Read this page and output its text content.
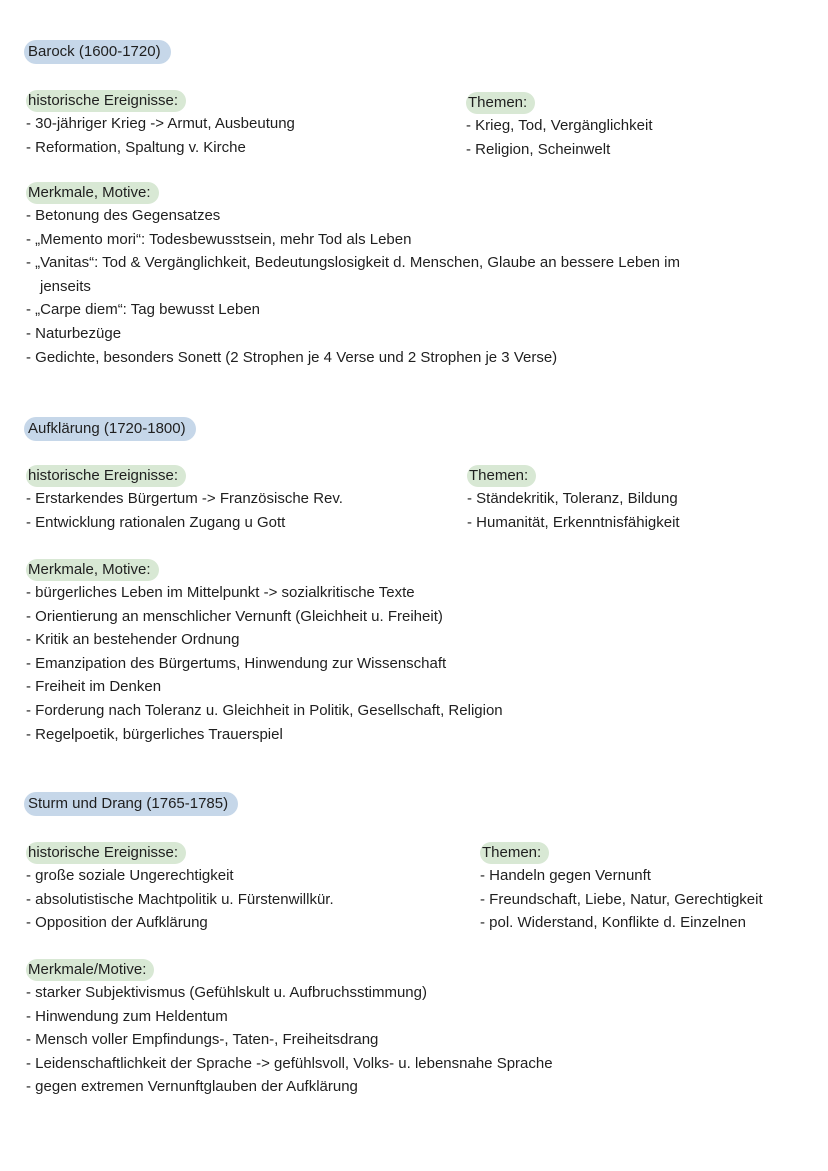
Barock (1600-1720)
historische Ereignisse:
- 30-jähriger Krieg -> Armut, Ausbeutung
- Reformation, Spaltung v. Kirche
Themen:
- Krieg, Tod, Vergänglichkeit
- Religion, Scheinwelt
Merkmale, Motive:
- Betonung des Gegensatzes
- „Memento mori“: Todesbewusstsein, mehr Tod als Leben
- „Vanitas“: Tod & Vergänglichkeit, Bedeutungslosigkeit d. Menschen, Glaube an bessere Leben im jenseits
- „Carpe diem“: Tag bewusst Leben
- Naturbezüge
- Gedichte, besonders Sonett (2 Strophen je 4 Verse und 2 Strophen je 3 Verse)
Aufklärung (1720-1800)
historische Ereignisse:
- Erstarkendes Bürgertum -> Französische Rev.
- Entwicklung rationalen Zugang u Gott
Themen:
- Ständekritik, Toleranz, Bildung
- Humanität, Erkenntnisfähigkeit
Merkmale, Motive:
- bürgerliches Leben im Mittelpunkt -> sozialkritische Texte
- Orientierung an menschlicher Vernunft (Gleichheit u. Freiheit)
- Kritik an bestehender Ordnung
- Emanzipation des Bürgertums, Hinwendung zur Wissenschaft
- Freiheit im Denken
- Forderung nach Toleranz u. Gleichheit in Politik, Gesellschaft, Religion
- Regelpoetik, bürgerliches Trauerspiel
Sturm und Drang (1765-1785)
historische Ereignisse:
- große soziale Ungerechtigkeit
- absolutistische Machtpolitik u. Fürstenwillkür.
- Opposition der Aufklärung
Themen:
- Handeln gegen Vernunft
- Freundschaft, Liebe, Natur, Gerechtigkeit
- pol. Widerstand, Konflikte d. Einzelnen
Merkmale/Motive:
- starker Subjektivismus (Gefühlskult u. Aufbruchsstimmung)
- Hinwendung zum Heldentum
- Mensch voller Empfindungs-, Taten-, Freiheitsdrang
- Leidenschaftlichkeit der Sprache -> gefühlsvoll, Volks- u. lebensnahe Sprache
- gegen extremen Vernunftglauben der Aufklärung
